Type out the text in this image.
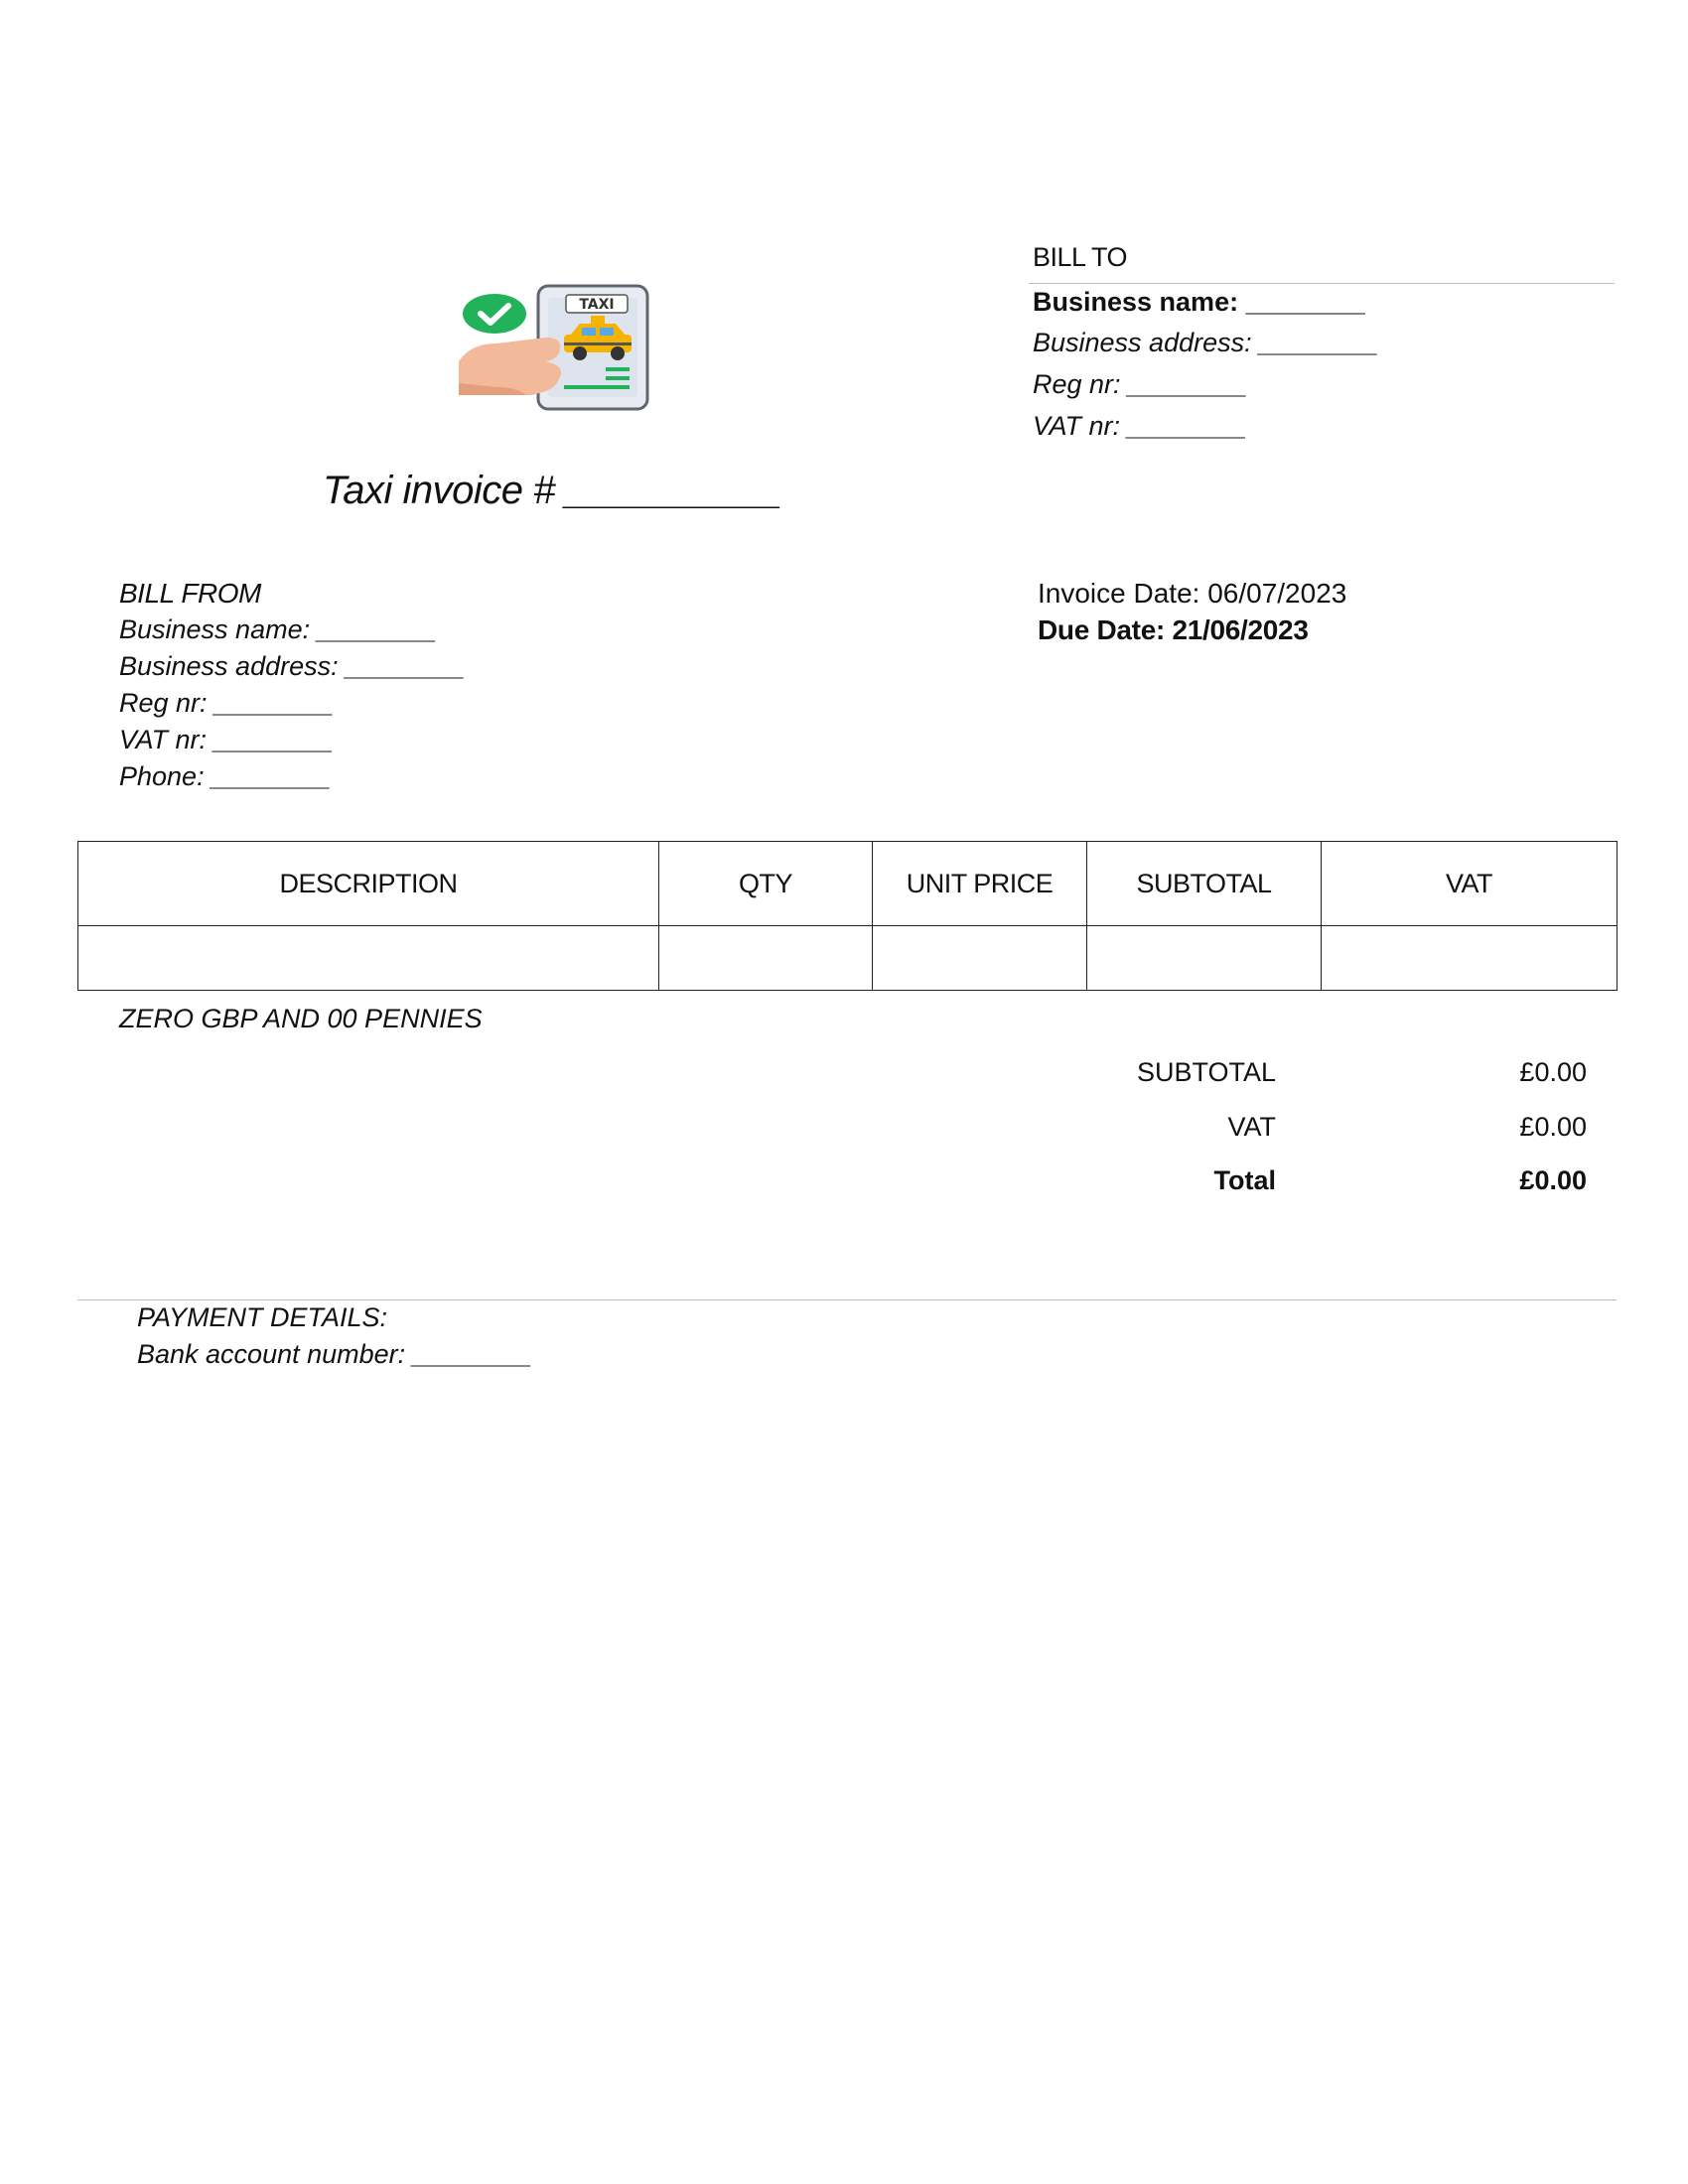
TAXI
Taxi invoice # __________
BILL TO
Business name: ________
Business address: ________
Reg nr: ________
VAT nr: ________
BILL FROM
Business name: ________
Business address: ________
Reg nr: ________
VAT nr: ________
Phone: ________
Invoice Date: 06/07/2023
Due Date: 21/06/2023
DESCRIPTION	QTY	UNIT PRICE	SUBTOTAL	VAT

ZERO GBP AND 00 PENNIES
SUBTOTAL	£0.00
VAT	£0.00
Total	£0.00
PAYMENT DETAILS:
Bank account number: ________
